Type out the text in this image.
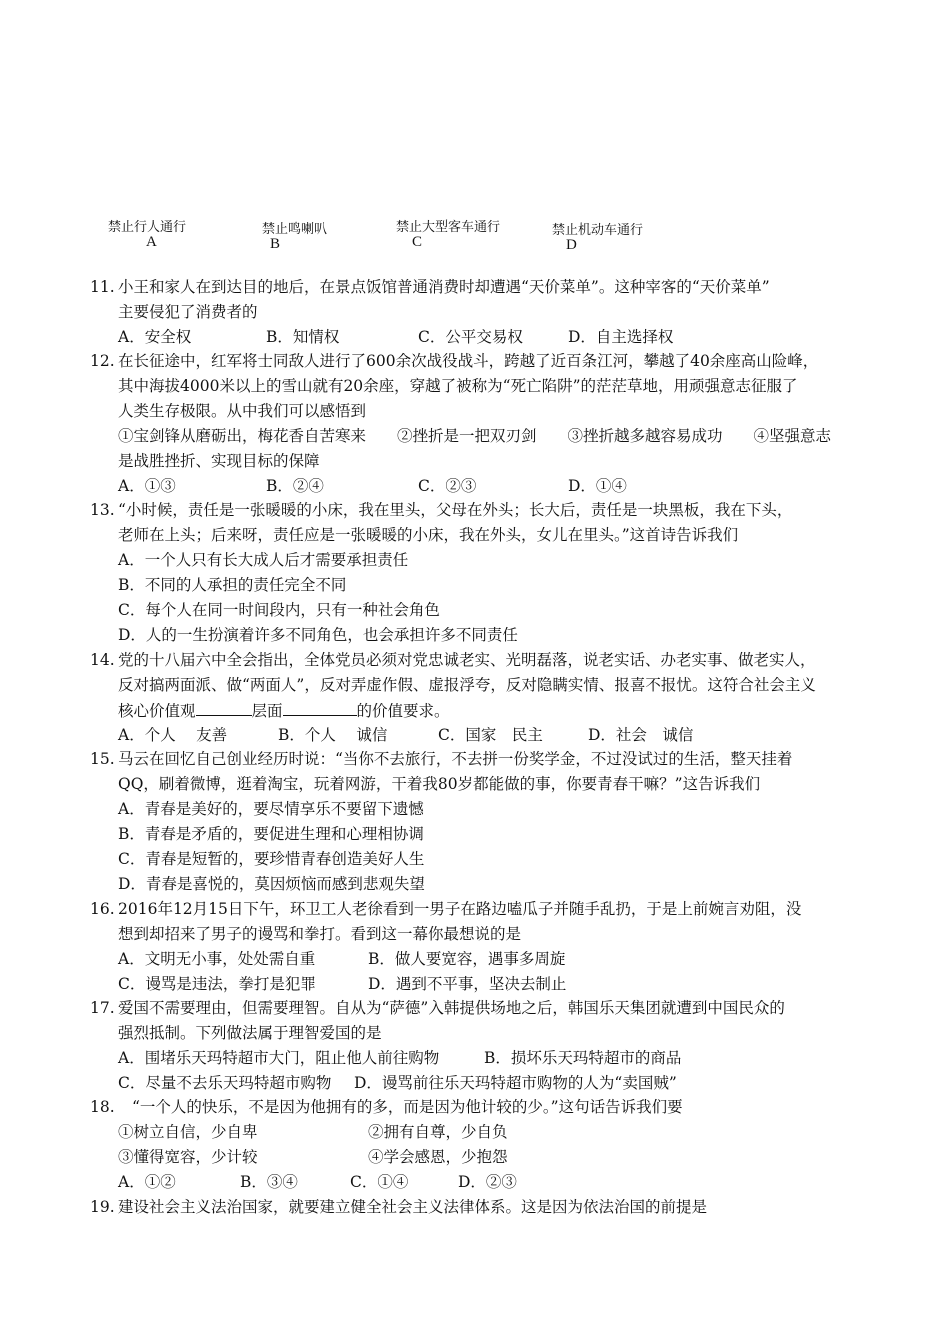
禁止行人通行
A
禁止鸣喇叭
B
禁止大型客车通行
C
禁止机动车通行
D
11. 小王和家人在到达目的地后，在景点饭馆普通消费时却遭遇“天价菜单”。这种宰客的“天价菜单”
主要侵犯了消费者的
A．安全权	B．知情权	C．公平交易权	D．自主选择权
12. 在长征途中，红军将士同敌人进行了600余次战役战斗，跨越了近百条江河，攀越了40余座高山险峰，
其中海拔4000米以上的雪山就有20余座，穿越了被称为“死亡陷阱”的茫茫草地，用顽强意志征服了
人类生存极限。从中我们可以感悟到
①宝剑锋从磨砺出，梅花香自苦寒来　　②挫折是一把双刃剑　　③挫折越多越容易成功　　④坚强意志
是战胜挫折、实现目标的保障
A．①③	B．②④	C．②③	D．①④
13. “小时候，责任是一张暖暖的小床，我在里头，父母在外头；长大后，责任是一块黑板，我在下头，
老师在上头；后来呀，责任应是一张暖暖的小床，我在外头，女儿在里头。”这首诗告诉我们
A．一个人只有长大成人后才需要承担责任
B．不同的人承担的责任完全不同
C．每个人在同一时间段内，只有一种社会角色
D．人的一生扮演着许多不同角色，也会承担许多不同责任
14. 党的十八届六中全会指出，全体党员必须对党忠诚老实、光明磊落，说老实话、办老实事、做老实人，
反对搞两面派、做“两面人”，反对弄虚作假、虚报浮夸，反对隐瞒实情、报喜不报忧。这符合社会主义
核心价值观	层面	的价值要求。
A．个人　 友善	B．个人　 诚信	C．国家　民主	D．社会　诚信
15. 马云在回忆自己创业经历时说：“当你不去旅行，不去拼一份奖学金，不过没试过的生活，整天挂着
QQ，刷着微博，逛着淘宝，玩着网游，干着我80岁都能做的事，你要青春干嘛？”这告诉我们
A．青春是美好的，要尽情享乐不要留下遗憾
B．青春是矛盾的，要促进生理和心理相协调
C．青春是短暂的，要珍惜青春创造美好人生
D．青春是喜悦的，莫因烦恼而感到悲观失望
16. 2016年12月15日下午，环卫工人老徐看到一男子在路边嗑瓜子并随手乱扔，于是上前婉言劝阻，没
想到却招来了男子的谩骂和拳打。看到这一幕你最想说的是
A．文明无小事，处处需自重	B．做人要宽容，遇事多周旋
C．谩骂是违法，拳打是犯罪	D．遇到不平事，坚决去制止
17. 爱国不需要理由，但需要理智。自从为“萨德”入韩提供场地之后，韩国乐天集团就遭到中国民众的
强烈抵制。下列做法属于理智爱国的是
A．围堵乐天玛特超市大门，阻止他人前往购物	B．损坏乐天玛特超市的商品
C．尽量不去乐天玛特超市购物 D．谩骂前往乐天玛特超市购物的人为“卖国贼”
18. “一个人的快乐，不是因为他拥有的多，而是因为他计较的少。”这句话告诉我们要
①树立自信，少自卑	②拥有自尊，少自负
③懂得宽容，少计较	④学会感恩，少抱怨
A．①②	B．③④	C．①④	D．②③
19. 建设社会主义法治国家，就要建立健全社会主义法律体系。这是因为依法治国的前提是
